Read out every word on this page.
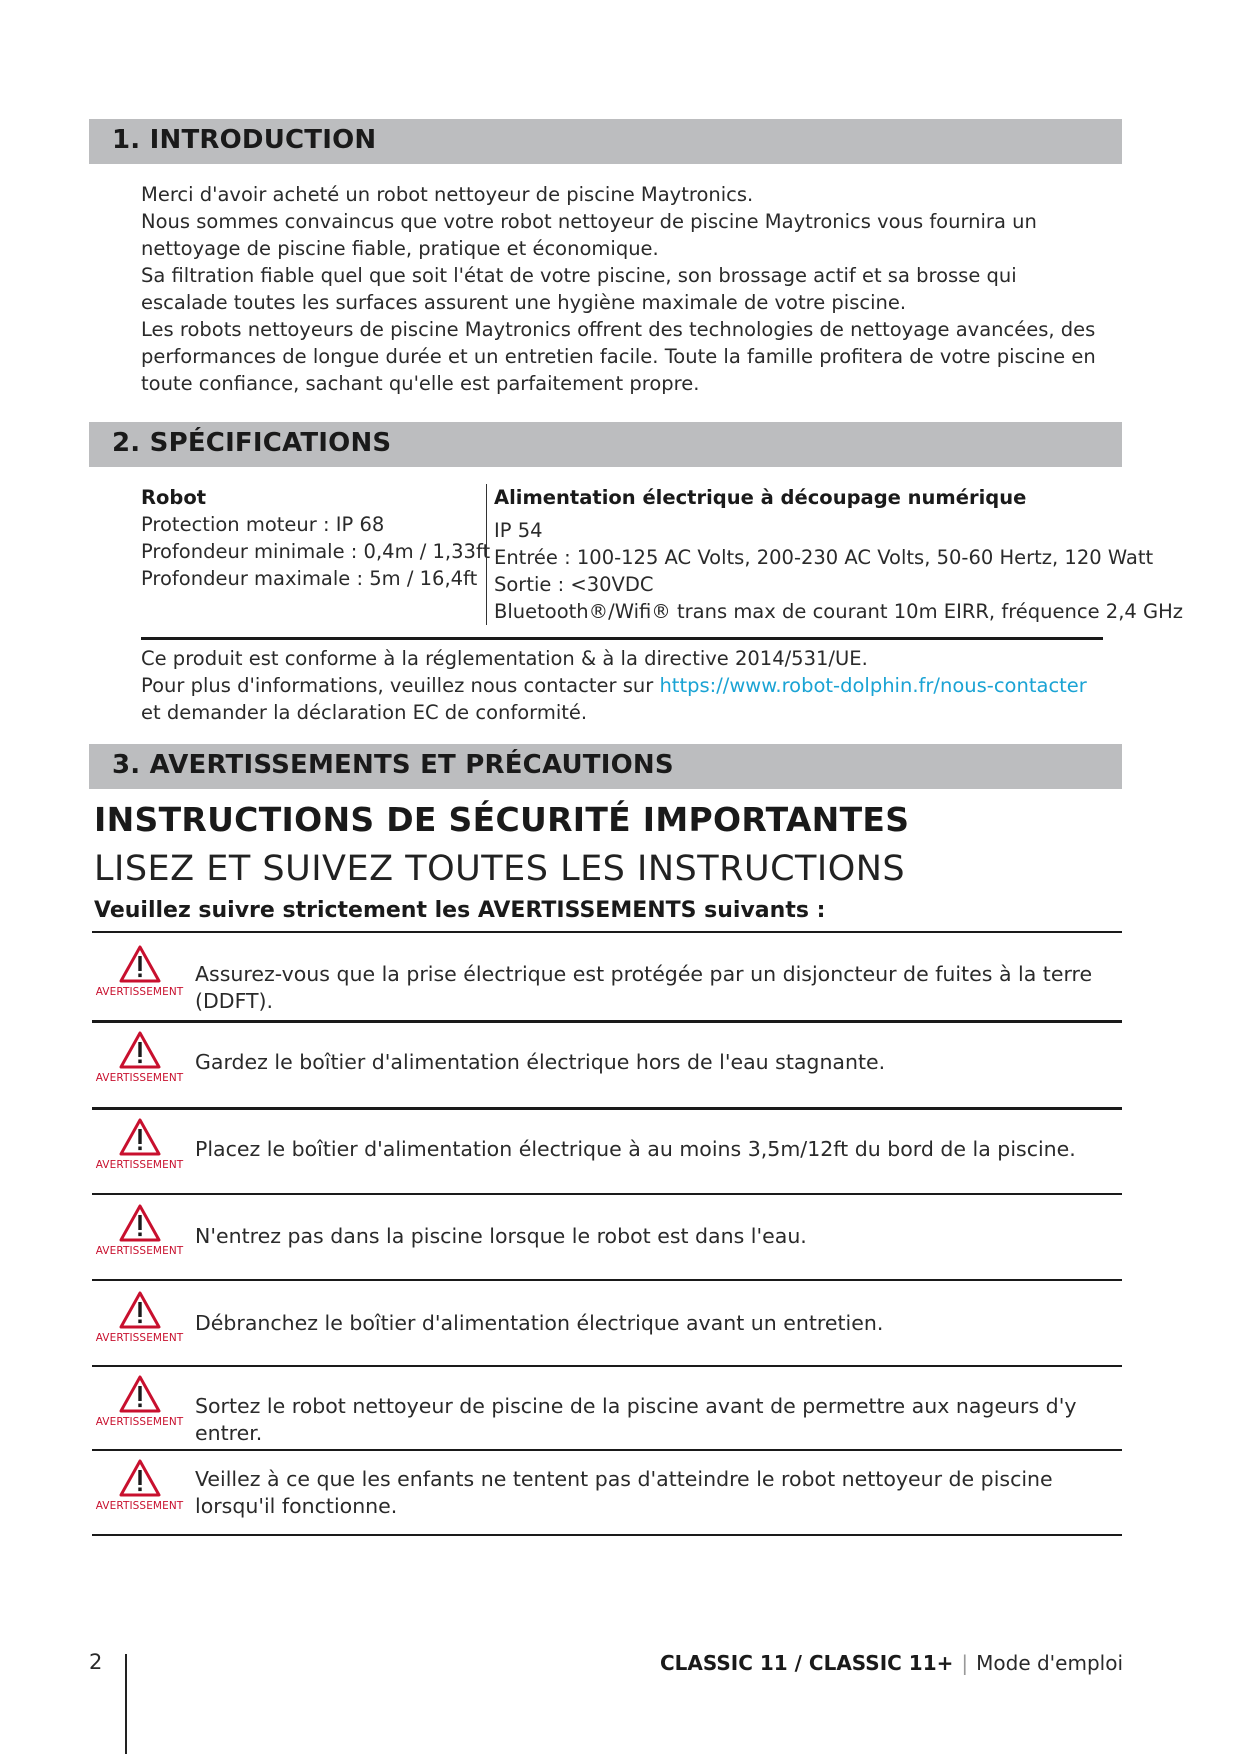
1. INTRODUCTION

Merci d'avoir acheté un robot nettoyeur de piscine Maytronics.

Nous sommes convaincus que votre robot nettoyeur de piscine Maytronics vous fournira un nettoyage de piscine fiable, pratique et économique.

Sa filtration fiable quel que soit l'état de votre piscine, son brossage actif et sa brosse qui escalade toutes les surfaces assurent une hygiène maximale de votre piscine.

Les robots nettoyeurs de piscine Maytronics offrent des technologies de nettoyage avancées, des performances de longue durée et un entretien facile. Toute la famille profitera de votre piscine en toute confiance, sachant qu'elle est parfaitement propre.

2. SPÉCIFICATIONS
Robot
Protection moteur : IP 68
Profondeur minimale : 0,4m / 1,33ft
Profondeur maximale : 5m / 16,4ft
Alimentation électrique à découpage numérique
IP 54
Entrée : 100-125 AC Volts, 200-230 AC Volts, 50-60 Hertz, 120 Watt
Sortie : <30VDC
Bluetooth®/Wifi® trans max de courant 10m EIRR, fréquence 2,4 GHz

Ce produit est conforme à la réglementation & à la directive 2014/531/UE.

Pour plus d'informations, veuillez nous contacter sur https://www.robot-dolphin.fr/nous-contacter

et demander la déclaration EC de conformité.

3. AVERTISSEMENTS ET PRÉCAUTIONS
INSTRUCTIONS DE SÉCURITÉ IMPORTANTES
LISEZ ET SUIVEZ TOUTES LES INSTRUCTIONS
Veuillez suivre strictement les AVERTISSEMENTS suivants :
AVERTISSEMENT
Assurez-vous que la prise électrique est protégée par un disjoncteur de fuites à la terre (DDFT).
AVERTISSEMENT
Gardez le boîtier d'alimentation électrique hors de l'eau stagnante.
AVERTISSEMENT
Placez le boîtier d'alimentation électrique à au moins 3,5m/12ft du bord de la piscine.
AVERTISSEMENT
N'entrez pas dans la piscine lorsque le robot est dans l'eau.
AVERTISSEMENT
Débranchez le boîtier d'alimentation électrique avant un entretien.
AVERTISSEMENT
Sortez le robot nettoyeur de piscine de la piscine avant de permettre aux nageurs d'y entrer.
AVERTISSEMENT
Veillez à ce que les enfants ne tentent pas d'atteindre le robot nettoyeur de piscine lorsqu'il fonctionne.
2	CLASSIC 11 / CLASSIC 11+ | Mode d'emploi
